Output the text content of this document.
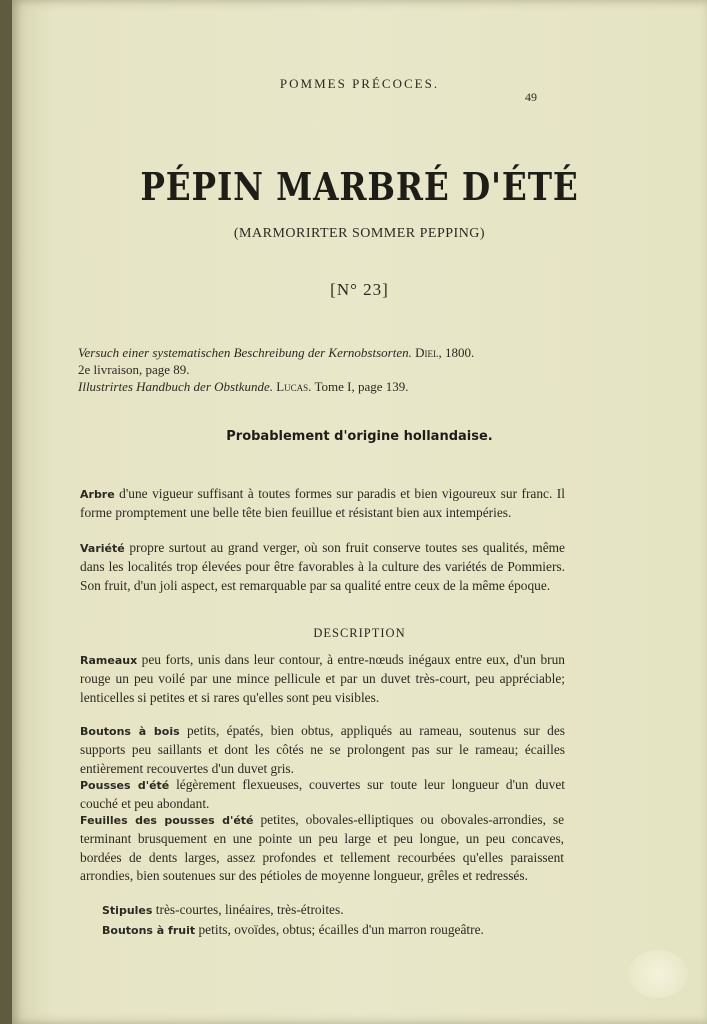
POMMES PRÉCOCES.
49
PÉPIN MARBRÉ D'ÉTÉ
(MARMORIRTER SOMMER PEPPING)
[N° 23]
Versuch einer systematischen Beschreibung der Kernobstsorten. Diel, 1800.
2e livraison, page 89.
Illustrirtes Handbuch der Obstkunde. Lucas. Tome I, page 139.
Probablement d'origine hollandaise.
Arbre d'une vigueur suffisant à toutes formes sur paradis et bien vigoureux sur franc. Il forme promptement une belle tête bien feuillue et résistant bien aux intempéries.
Variété propre surtout au grand verger, où son fruit conserve toutes ses qualités, même dans les localités trop élevées pour être favorables à la culture des variétés de Pommiers. Son fruit, d'un joli aspect, est remarquable par sa qualité entre ceux de la même époque.
DESCRIPTION
Rameaux peu forts, unis dans leur contour, à entre-nœuds inégaux entre eux, d'un brun rouge un peu voilé par une mince pellicule et par un duvet très-court, peu appréciable; lenticelles si petites et si rares qu'elles sont peu visibles.
Boutons à bois petits, épatés, bien obtus, appliqués au rameau, soutenus sur des supports peu saillants et dont les côtés ne se prolongent pas sur le rameau; écailles entièrement recouvertes d'un duvet gris.
Pousses d'été légèrement flexueuses, couvertes sur toute leur longueur d'un duvet couché et peu abondant.
Feuilles des pousses d'été petites, obovales-elliptiques ou obovales-arrondies, se terminant brusquement en une pointe un peu large et peu longue, un peu concaves, bordées de dents larges, assez profondes et tellement recourbées qu'elles paraissent arrondies, bien soutenues sur des pétioles de moyenne longueur, grêles et redressés.
Stipules très-courtes, linéaires, très-étroites.
Boutons à fruit petits, ovoïdes, obtus; écailles d'un marron rougeâtre.
